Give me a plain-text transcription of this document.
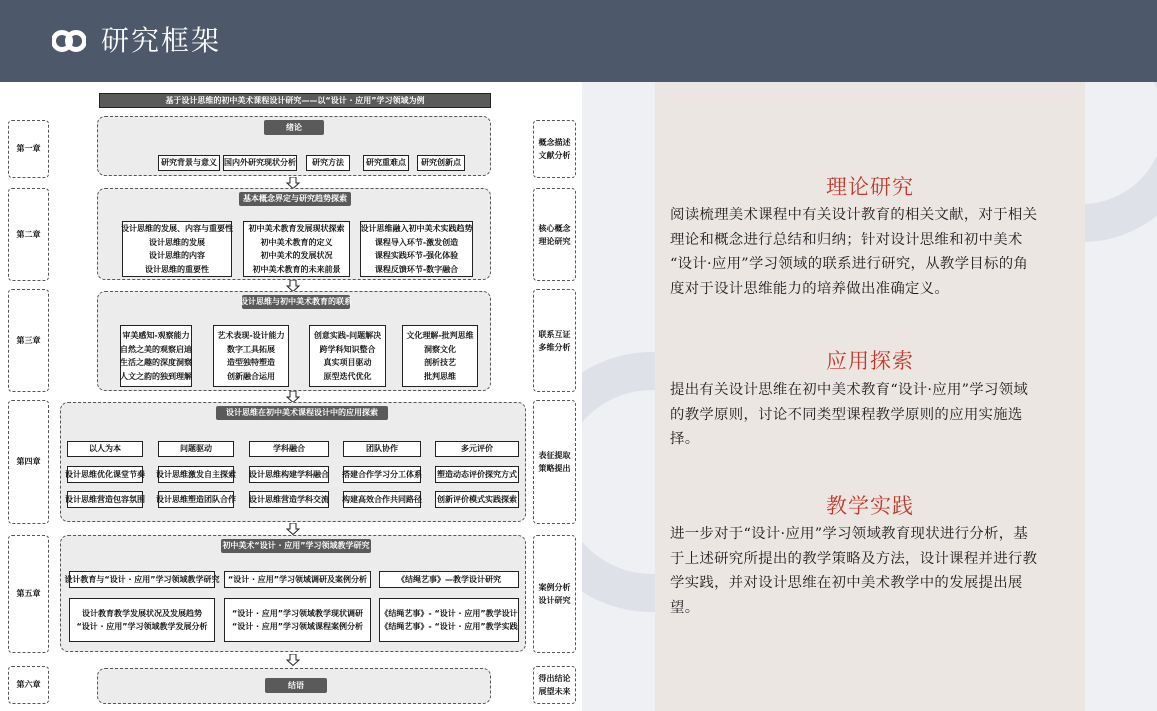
研究框架
基于设计思维的初中美术课程设计研究——以“设计 · 应用”学习领域为例
第一章
第二章
第三章
第四章
第五章
第六章
概念描述
文献分析
核心概念
理论研究
联系互证
多维分析
表征提取
策略提出
案例分析
设计研究
得出结论
展望未来
绪论
研究背景与意义 国内外研究现状分析 研究方法	研究重难点 研究创新点
基本概念界定与研究趋势探索
设计思维的发展、内容与重要性
设计思维的发展
设计思维的内容
设计思维的重要性
初中美术教育发展现状探索
初中美术教育的定义
初中美术的发展状况
初中美术教育的未来前景
设计思维融入初中美术实践趋势
课程导入环节-激发创造
课程实践环节-强化体验
课程反馈环节-数字融合
设计思维与初中美术教育的联系
审美感知-观察能力
自然之美的观察启迪
生活之趣的深度洞察
人文之韵的独到理解
艺术表现-设计能力
数字工具拓展
造型独特塑造
创新融合运用
创意实践-问题解决
跨学科知识整合
真实项目驱动
原型迭代优化
文化理解-批判思维
洞察文化
剖析技艺
批判思维
设计思维在初中美术课程设计中的应用探索
以人为本
设计思维优化课堂节奏
设计思维营造包容氛围
问题驱动
设计思维激发自主探索
设计思维塑造团队合作
学科融合
设计思维构建学科融合
设计思维营造学科交流
团队协作
搭建合作学习分工体系
构建高效合作共同路径
多元评价
塑造动态评价探究方式
创新评价模式实践探索
初中美术“设计 · 应用”学习领域教学研究
设计教育与“设计 · 应用”学习领域教学研究
设计教育教学发展状况及发展趋势
“设计 · 应用”学习领域教学发展分析
“设计 · 应用”学习领域调研及案例分析
“设计 · 应用”学习领域教学现状调研
“设计 · 应用”学习领域课程案例分析
《结绳艺事》—教学设计研究
《结绳艺事》- “设计 · 应用”教学设计
《结绳艺事》- “设计 · 应用”教学实践
结语
理论研究
阅读梳理美术课程中有关设计教育的相关文献，对于相关
理论和概念进行总结和归纳；针对设计思维和初中美术
“设计·应用”学习领域的联系进行研究，从教学目标的角
度对于设计思维能力的培养做出准确定义。
应用探索
提出有关设计思维在初中美术教育“设计·应用”学习领域
的教学原则，讨论不同类型课程教学原则的应用实施选
择。
教学实践
进一步对于“设计·应用”学习领域教育现状进行分析，基
于上述研究所提出的教学策略及方法，设计课程并进行教
学实践，并对设计思维在初中美术教学中的发展提出展
望。
